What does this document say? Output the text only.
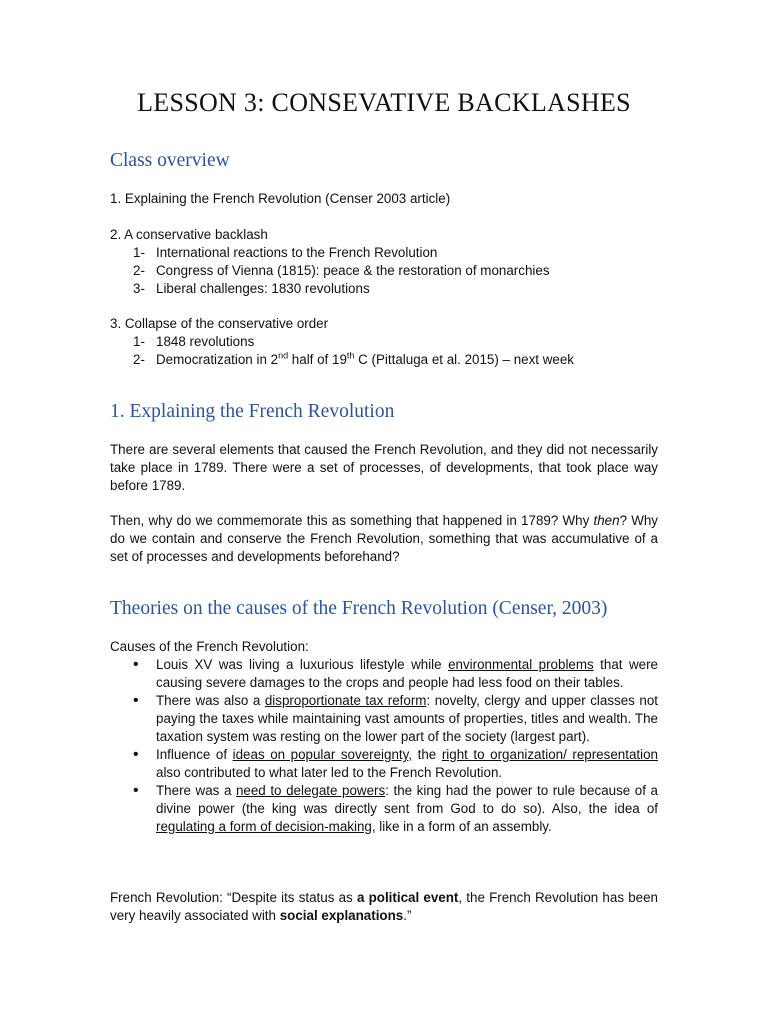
LESSON 3: CONSEVATIVE BACKLASHES
Class overview

1. Explaining the French Revolution (Censer 2003 article)

2. A conservative backlash

1- International reactions to the French Revolution
2- Congress of Vienna (1815): peace & the restoration of monarchies
3- Liberal challenges: 1830 revolutions

3. Collapse of the conservative order

1- 1848 revolutions
2- Democratization in 2nd half of 19th C (Pittaluga et al. 2015) – next week
1. Explaining the French Revolution

There are several elements that caused the French Revolution, and they did not necessarily take place in 1789. There were a set of processes, of developments, that took place way before 1789.

Then, why do we commemorate this as something that happened in 1789? Why then? Why do we contain and conserve the French Revolution, something that was accumulative of a set of processes and developments beforehand?

Theories on the causes of the French Revolution (Censer, 2003)

Causes of the French Revolution:

• Louis XV was living a luxurious lifestyle while environmental problems that were causing severe damages to the crops and people had less food on their tables.
• There was also a disproportionate tax reform: novelty, clergy and upper classes not paying the taxes while maintaining vast amounts of properties, titles and wealth. The taxation system was resting on the lower part of the society (largest part).
• Influence of ideas on popular sovereignty, the right to organization/ representation also contributed to what later led to the French Revolution.
• There was a need to delegate powers: the king had the power to rule because of a divine power (the king was directly sent from God to do so). Also, the idea of regulating a form of decision-making, like in a form of an assembly.

French Revolution: “Despite its status as a political event, the French Revolution has been very heavily associated with social explanations.”
